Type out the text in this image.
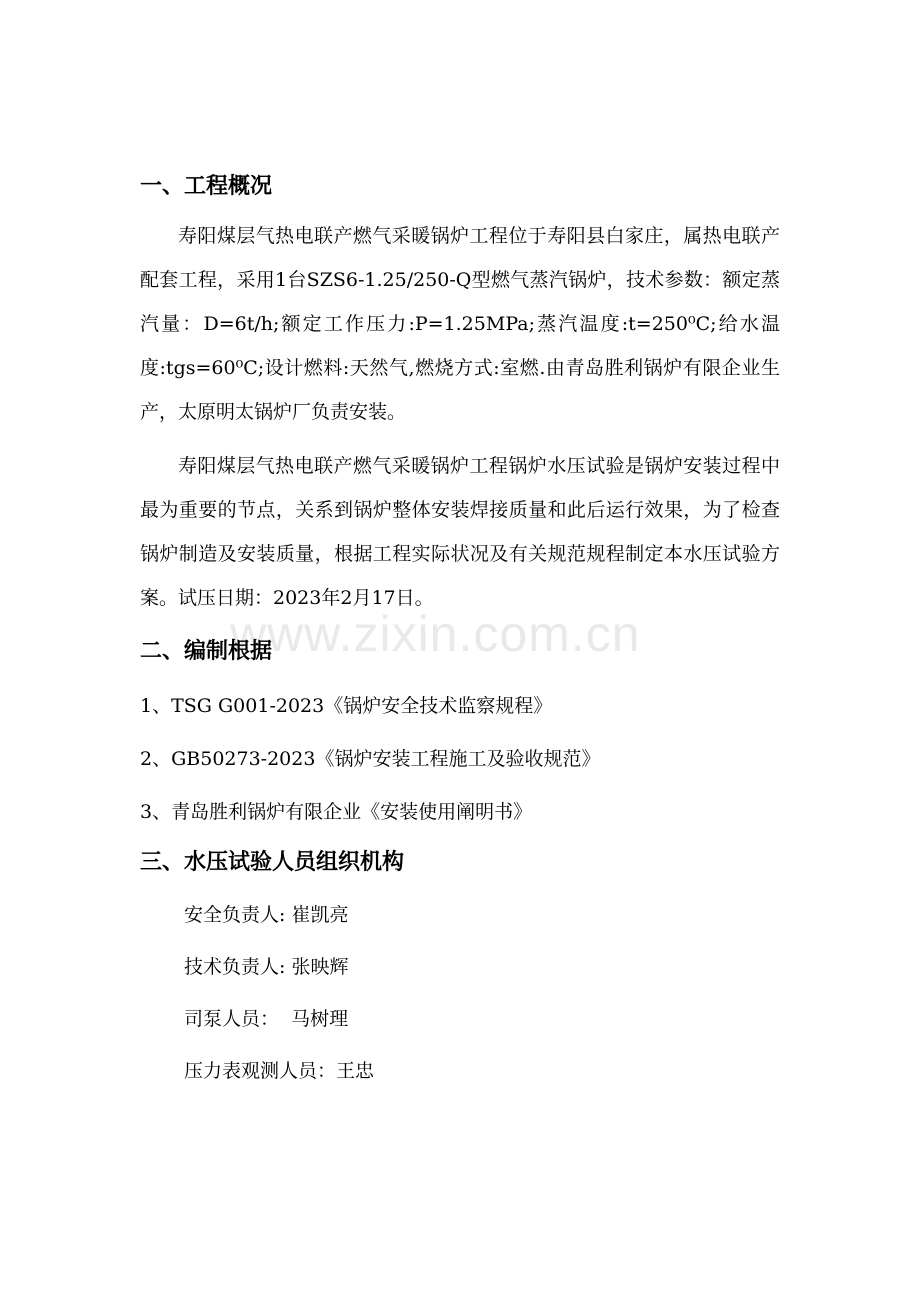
www.zixin.com.cn
一、工程概况

寿阳煤层气热电联产燃气采暖锅炉工程位于寿阳县白家庄，属热电联产配套工程，采用1台SZS6-1.25/250-Q型燃气蒸汽锅炉，技术参数：额定蒸汽量：D=6t/h;额定工作压力:P=1.25MPa;蒸汽温度:t=250⁰C;给水温度:tgs=60⁰C;设计燃料:天然气,燃烧方式:室燃.由青岛胜利锅炉有限企业生产，太原明太锅炉厂负责安装。

寿阳煤层气热电联产燃气采暖锅炉工程锅炉水压试验是锅炉安装过程中最为重要的节点，关系到锅炉整体安装焊接质量和此后运行效果，为了检查锅炉制造及安装质量，根据工程实际状况及有关规范规程制定本水压试验方案。试压日期：2023年2月17日。

二、编制根据

1、TSG G001-2023《锅炉安全技术监察规程》

2、GB50273-2023《锅炉安装工程施工及验收规范》

3、青岛胜利锅炉有限企业《安装使用阐明书》

三、水压试验人员组织机构

安全负责人: 崔凯亮

技术负责人: 张映辉

司泵人员：  马树理

压力表观测人员：王忠
